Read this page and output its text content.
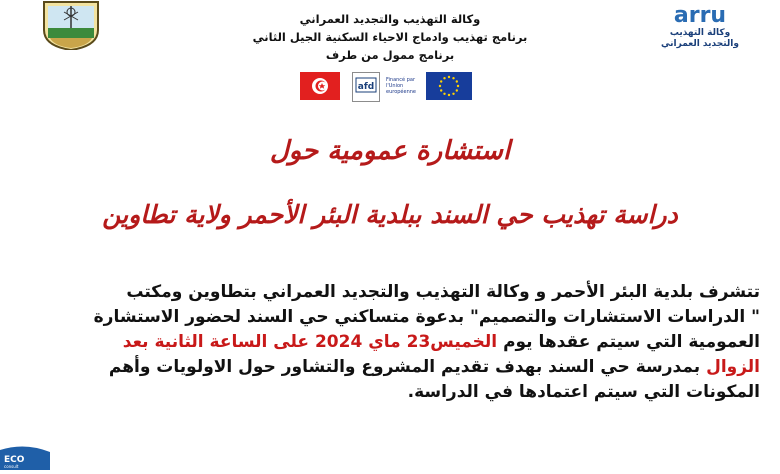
وكالة التهذيب والتجديد العمراني
برنامج تهذيب وادماج الاحياء السكنية الجيل الثاني
برنامج ممول من طرف
arru
وكالة التهذيب
والتجديد العمراني
afd
Financé par l'Union européenne
استشارة عمومية حول
دراسة تهذيب حي السند ببلدية البئر الأحمر ولاية تطاوين
تتشرف بلدية البئر الأحمر و وكالة التهذيب والتجديد العمراني بتطاوين ومكتب
" الدراسات الاستشارات والتصميم" بدعوة متساكني حي السند لحضور الاستشارة
العمومية التي سيتم عقدها يوم الخميس23 ماي 2024 على الساعة الثانية بعد
الزوال بمدرسة حي السند بهدف تقديم المشروع والتشاور حول الاولويات وأهم
المكونات التي سيتم اعتمادها في الدراسة.
ECO
consult
